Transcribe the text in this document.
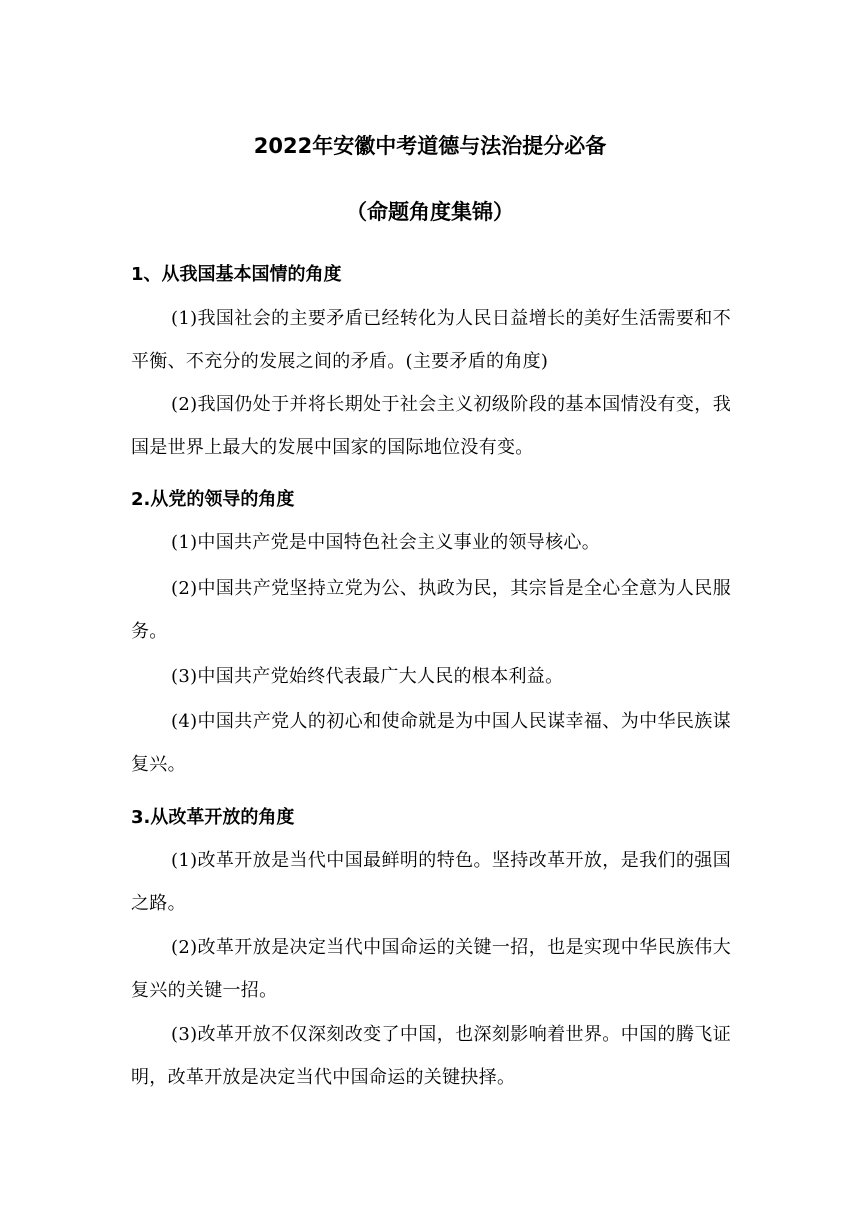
2022年安徽中考道德与法治提分必备
（命题角度集锦）
1、从我国基本国情的角度

(1)我国社会的主要矛盾已经转化为人民日益增长的美好生活需要和不平衡、不充分的发展之间的矛盾。(主要矛盾的角度)

(2)我国仍处于并将长期处于社会主义初级阶段的基本国情没有变，我国是世界上最大的发展中国家的国际地位没有变。

2.从党的领导的角度

(1)中国共产党是中国特色社会主义事业的领导核心。

(2)中国共产党坚持立党为公、执政为民，其宗旨是全心全意为人民服务。

(3)中国共产党始终代表最广大人民的根本利益。

(4)中国共产党人的初心和使命就是为中国人民谋幸福、为中华民族谋复兴。

3.从改革开放的角度

(1)改革开放是当代中国最鲜明的特色。坚持改革开放，是我们的强国之路。

(2)改革开放是决定当代中国命运的关键一招，也是实现中华民族伟大复兴的关键一招。

(3)改革开放不仅深刻改变了中国，也深刻影响着世界。中国的腾飞证明，改革开放是决定当代中国命运的关键抉择。
